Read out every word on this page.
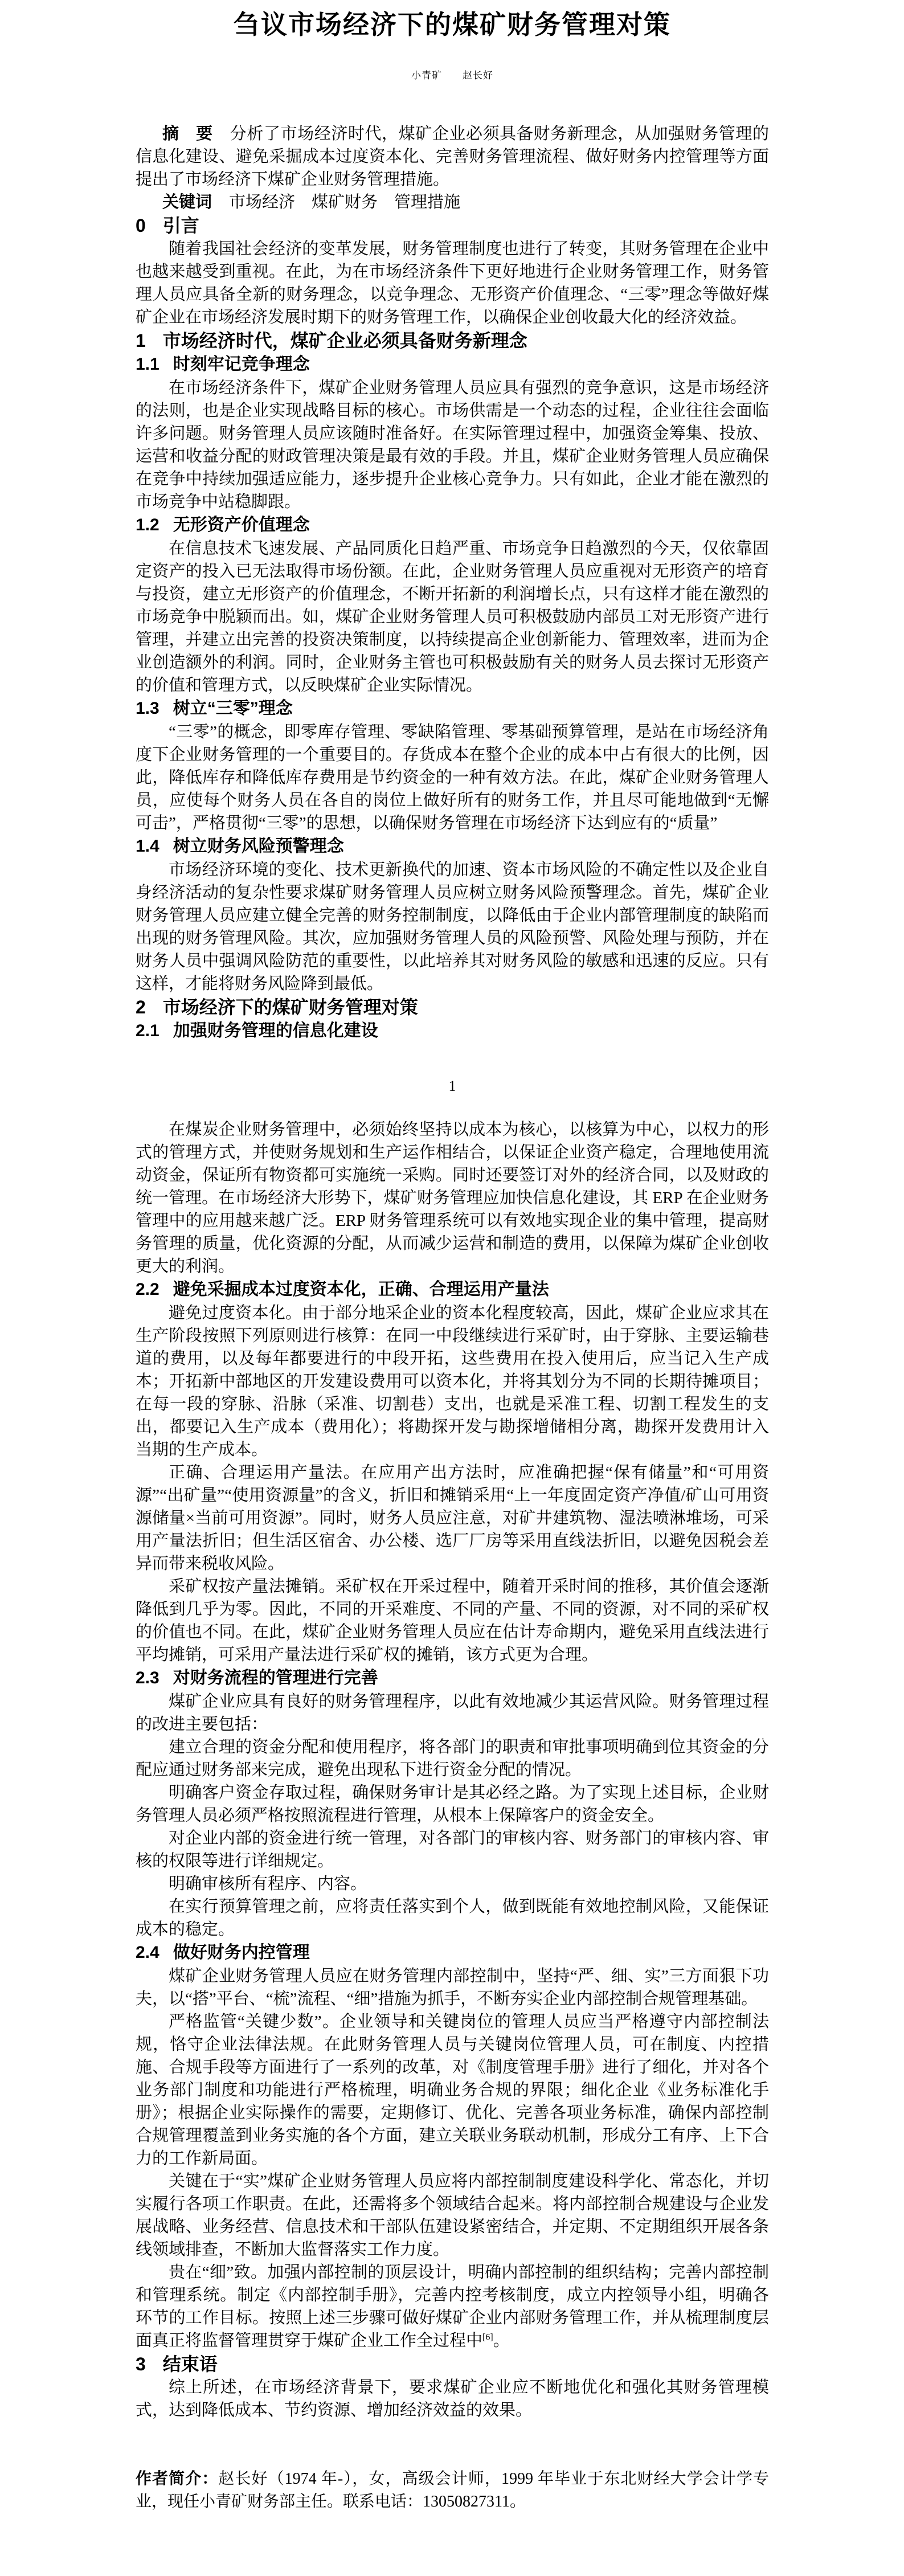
刍议市场经济下的煤矿财务管理对策
小青矿　　赵长好

摘　要 分析了市场经济时代，煤矿企业必须具备财务新理念，从加强财务管理的信息化建设、避免采掘成本过度资本化、完善财务管理流程、做好财务内控管理等方面提出了市场经济下煤矿企业财务管理措施。

关键词 市场经济　煤矿财务　管理措施

0 引言

随着我国社会经济的变革发展，财务管理制度也进行了转变，其财务管理在企业中也越来越受到重视。在此，为在市场经济条件下更好地进行企业财务管理工作，财务管理人员应具备全新的财务理念，以竞争理念、无形资产价值理念、“三零”理念等做好煤矿企业在市场经济发展时期下的财务管理工作，以确保企业创收最大化的经济效益。

1 市场经济时代，煤矿企业必须具备财务新理念
1.1 时刻牢记竞争理念

在市场经济条件下，煤矿企业财务管理人员应具有强烈的竞争意识，这是市场经济的法则，也是企业实现战略目标的核心。市场供需是一个动态的过程，企业往往会面临许多问题。财务管理人员应该随时准备好。在实际管理过程中，加强资金筹集、投放、运营和收益分配的财政管理决策是最有效的手段。并且，煤矿企业财务管理人员应确保在竞争中持续加强适应能力，逐步提升企业核心竞争力。只有如此，企业才能在激烈的市场竞争中站稳脚跟。

1.2 无形资产价值理念

在信息技术飞速发展、产品同质化日趋严重、市场竞争日趋激烈的今天，仅依靠固定资产的投入已无法取得市场份额。在此，企业财务管理人员应重视对无形资产的培育与投资，建立无形资产的价值理念，不断开拓新的利润增长点，只有这样才能在激烈的市场竞争中脱颖而出。如，煤矿企业财务管理人员可积极鼓励内部员工对无形资产进行管理，并建立出完善的投资决策制度，以持续提高企业创新能力、管理效率，进而为企业创造额外的利润。同时，企业财务主管也可积极鼓励有关的财务人员去探讨无形资产的价值和管理方式，以反映煤矿企业实际情况。

1.3 树立“三零”理念

“三零”的概念，即零库存管理、零缺陷管理、零基础预算管理，是站在市场经济角度下企业财务管理的一个重要目的。存货成本在整个企业的成本中占有很大的比例，因此，降低库存和降低库存费用是节约资金的一种有效方法。在此，煤矿企业财务管理人员，应使每个财务人员在各自的岗位上做好所有的财务工作，并且尽可能地做到“无懈可击”，严格贯彻“三零”的思想，以确保财务管理在市场经济下达到应有的“质量”

1.4 树立财务风险预警理念

市场经济环境的变化、技术更新换代的加速、资本市场风险的不确定性以及企业自身经济活动的复杂性要求煤矿财务管理人员应树立财务风险预警理念。首先，煤矿企业财务管理人员应建立健全完善的财务控制制度，以降低由于企业内部管理制度的缺陷而出现的财务管理风险。其次，应加强财务管理人员的风险预警、风险处理与预防，并在财务人员中强调风险防范的重要性，以此培养其对财务风险的敏感和迅速的反应。只有这样，才能将财务风险降到最低。

2 市场经济下的煤矿财务管理对策
2.1 加强财务管理的信息化建设
1

在煤炭企业财务管理中，必须始终坚持以成本为核心，以核算为中心，以权力的形式的管理方式，并使财务规划和生产运作相结合，以保证企业资产稳定，合理地使用流动资金，保证所有物资都可实施统一采购。同时还要签订对外的经济合同，以及财政的统一管理。在市场经济大形势下，煤矿财务管理应加快信息化建设，其 ERP 在企业财务管理中的应用越来越广泛。ERP 财务管理系统可以有效地实现企业的集中管理，提高财务管理的质量，优化资源的分配，从而减少运营和制造的费用，以保障为煤矿企业创收更大的利润。

2.2 避免采掘成本过度资本化，正确、合理运用产量法

避免过度资本化。由于部分地采企业的资本化程度较高，因此，煤矿企业应求其在生产阶段按照下列原则进行核算：在同一中段继续进行采矿时，由于穿脉、主要运输巷道的费用，以及每年都要进行的中段开拓，这些费用在投入使用后，应当记入生产成本；开拓新中部地区的开发建设费用可以资本化，并将其划分为不同的长期待摊项目；在每一段的穿脉、沿脉（采准、切割巷）支出，也就是采准工程、切割工程发生的支出，都要记入生产成本（费用化）；将勘探开发与勘探增储相分离，勘探开发费用计入当期的生产成本。

正确、合理运用产量法。在应用产出方法时，应准确把握“保有储量”和“可用资源”“出矿量”“使用资源量”的含义，折旧和摊销采用“上一年度固定资产净值/矿山可用资源储量×当前可用资源”。同时，财务人员应注意，对矿井建筑物、湿法喷淋堆场，可采用产量法折旧；但生活区宿舍、办公楼、选厂厂房等采用直线法折旧，以避免因税会差异而带来税收风险。

采矿权按产量法摊销。采矿权在开采过程中，随着开采时间的推移，其价值会逐渐降低到几乎为零。因此，不同的开采难度、不同的产量、不同的资源，对不同的采矿权的价值也不同。在此，煤矿企业财务管理人员应在估计寿命期内，避免采用直线法进行平均摊销，可采用产量法进行采矿权的摊销，该方式更为合理。

2.3 对财务流程的管理进行完善

煤矿企业应具有良好的财务管理程序，以此有效地减少其运营风险。财务管理过程的改进主要包括：

建立合理的资金分配和使用程序，将各部门的职责和审批事项明确到位其资金的分配应通过财务部来完成，避免出现私下进行资金分配的情况。

明确客户资金存取过程，确保财务审计是其必经之路。为了实现上述目标，企业财务管理人员必须严格按照流程进行管理，从根本上保障客户的资金安全。

对企业内部的资金进行统一管理，对各部门的审核内容、财务部门的审核内容、审核的权限等进行详细规定。

明确审核所有程序、内容。

在实行预算管理之前，应将责任落实到个人，做到既能有效地控制风险，又能保证成本的稳定。

2.4 做好财务内控管理

煤矿企业财务管理人员应在财务管理内部控制中，坚持“严、细、实”三方面狠下功夫，以“搭”平台、“梳”流程、“细”措施为抓手，不断夯实企业内部控制合规管理基础。

严格监管“关键少数”。企业领导和关键岗位的管理人员应当严格遵守内部控制法规，恪守企业法律法规。在此财务管理人员与关键岗位管理人员，可在制度、内控措施、合规手段等方面进行了一系列的改革，对《制度管理手册》进行了细化，并对各个业务部门制度和功能进行严格梳理，明确业务合规的界限；细化企业《业务标准化手册》；根据企业实际操作的需要，定期修订、优化、完善各项业务标准，确保内部控制合规管理覆盖到业务实施的各个方面，建立关联业务联动机制，形成分工有序、上下合力的工作新局面。

关键在于“实”煤矿企业财务管理人员应将内部控制制度建设科学化、常态化，并切实履行各项工作职责。在此，还需将多个领域结合起来。将内部控制合规建设与企业发展战略、业务经营、信息技术和干部队伍建设紧密结合，并定期、不定期组织开展各条线领域排查，不断加大监督落实工作力度。

贵在“细”致。加强内部控制的顶层设计，明确内部控制的组织结构；完善内部控制和管理系统。制定《内部控制手册》，完善内控考核制度，成立内控领导小组，明确各环节的工作目标。按照上述三步骤可做好煤矿企业内部财务管理工作，并从梳理制度层面真正将监督管理贯穿于煤矿企业工作全过程中[6]。

3 结束语

综上所述，在市场经济背景下，要求煤矿企业应不断地优化和强化其财务管理模式，达到降低成本、节约资源、增加经济效益的效果。

作者简介：赵长好（1974 年-），女，高级会计师，1999 年毕业于东北财经大学会计学专业，现任小青矿财务部主任。联系电话：13050827311。
